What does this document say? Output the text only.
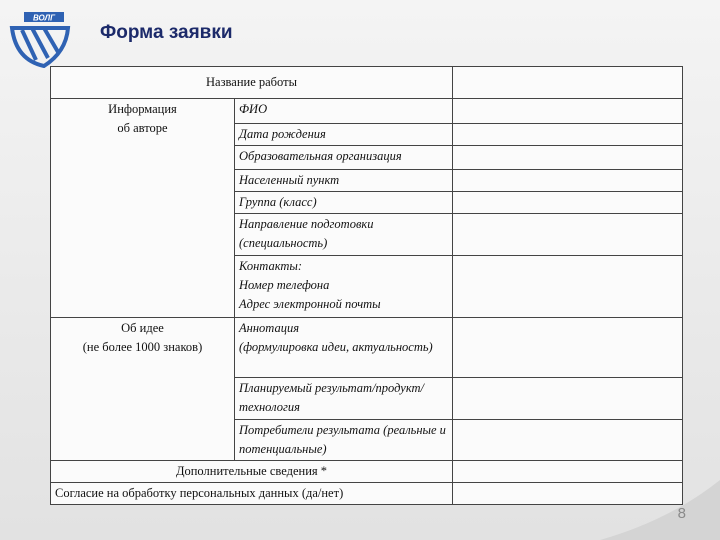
ВОЛГ
Форма заявки
Название работы		
Информация
об авторе	ФИО	
	Дата рождения	
	Образовательная организация	
	Населенный пункт	
	Группа (класс)	
	Направление подготовки (специальность)	
	Контакты:
Номер телефона
Адрес электронной почты	
Об идее
(не более 1000 знаков)	Аннотация
(формулировка идеи, актуальность)	
	Планируемый результат/продукт/технология	
	Потребители результата (реальные и потенциальные)	
Дополнительные сведения *		
Согласие на обработку персональных данных (да/нет)		
8
